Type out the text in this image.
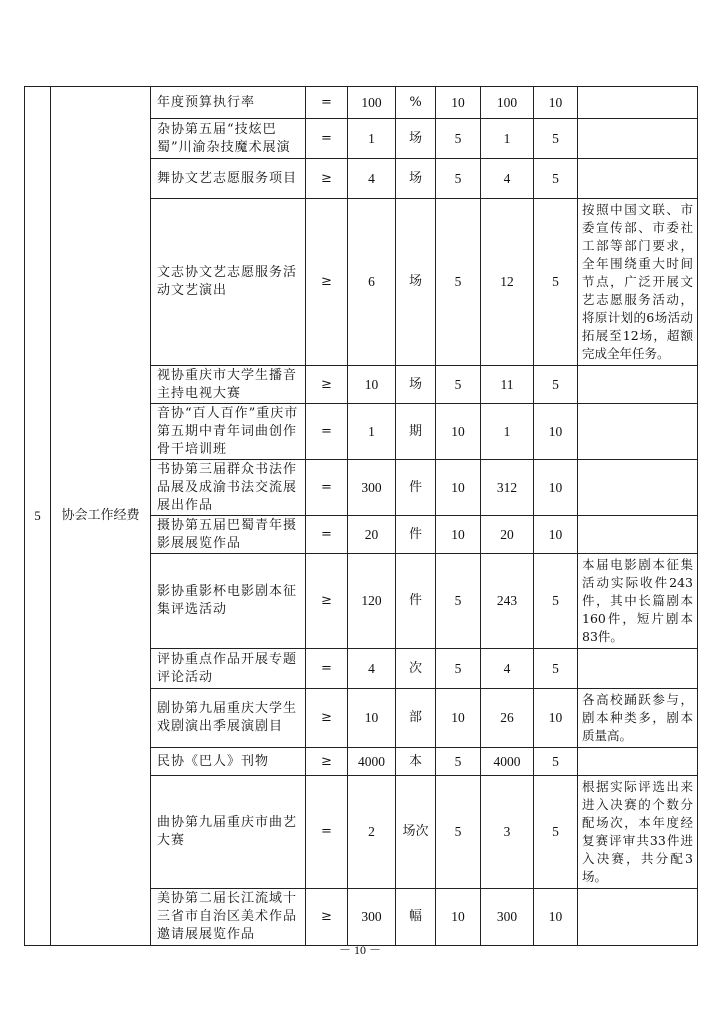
5	协会工作经费	年度预算执行率	=	100	%	10	100	10	
		杂协第五届“技炫巴蜀”川渝杂技魔术展演	=	1	场	5	1	5	
		舞协文艺志愿服务项目	≥	4	场	5	4	5	
		文志协文艺志愿服务活动文艺演出	≥	6	场	5	12	5	按照中国文联、市委宣传部、市委社工部等部门要求，全年围绕重大时间节点，广泛开展文艺志愿服务活动，将原计划的6场活动拓展至12场，超额完成全年任务。
		视协重庆市大学生播音主持电视大赛	≥	10	场	5	11	5	
		音协“百人百作”重庆市第五期中青年词曲创作骨干培训班	=	1	期	10	1	10	
		书协第三届群众书法作品展及成渝书法交流展展出作品	=	300	件	10	312	10	
		摄协第五届巴蜀青年摄影展展览作品	=	20	件	10	20	10	
		影协重影杯电影剧本征集评选活动	≥	120	件	5	243	5	本届电影剧本征集活动实际收件243件，其中长篇剧本160件，短片剧本83件。
		评协重点作品开展专题评论活动	=	4	次	5	4	5	
		剧协第九届重庆大学生戏剧演出季展演剧目	≥	10	部	10	26	10	各高校踊跃参与，剧本种类多，剧本质量高。
		民协《巴人》刊物	≥	4000	本	5	4000	5	
		曲协第九届重庆市曲艺大赛	=	2	场次	5	3	5	根据实际评选出来进入决赛的个数分配场次，本年度经复赛评审共33件进入决赛，共分配3场。
		美协第二届长江流域十三省市自治区美术作品邀请展展览作品	≥	300	幅	10	300	10	
－ 10 －
